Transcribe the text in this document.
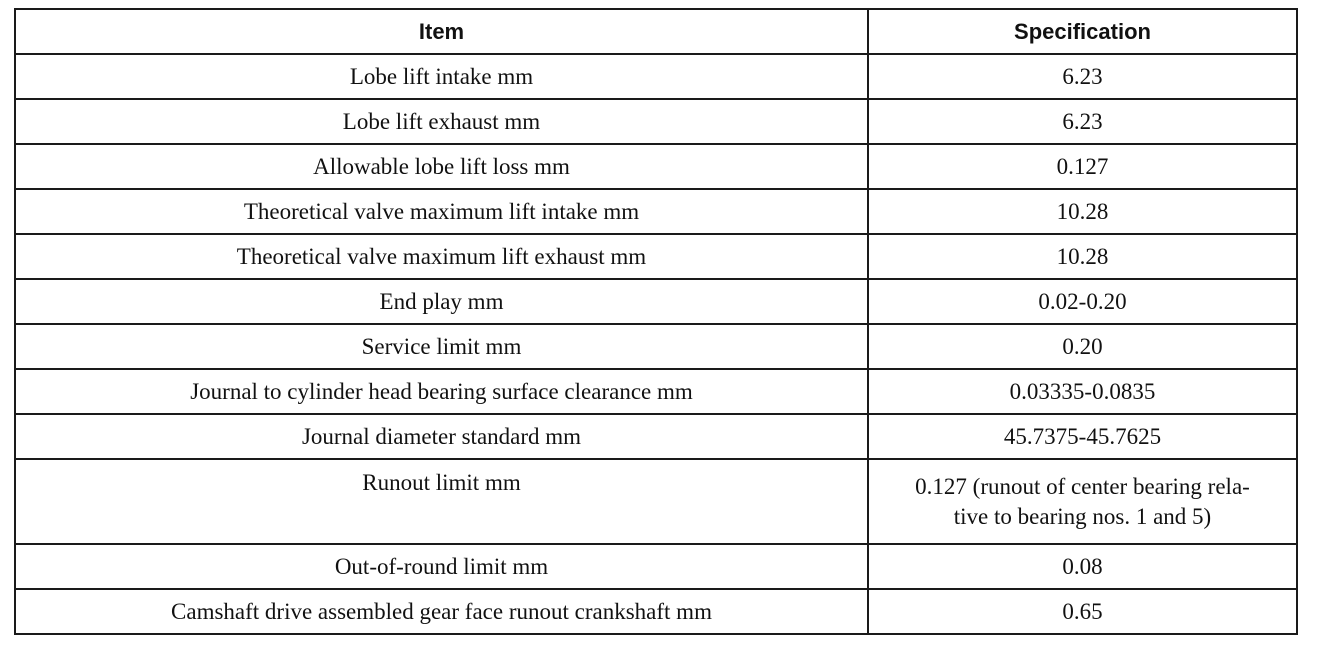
Item	Specification
Lobe lift intake mm	6.23
Lobe lift exhaust mm	6.23
Allowable lobe lift loss mm	0.127
Theoretical valve maximum lift intake mm	10.28
Theoretical valve maximum lift exhaust mm	10.28
End play mm	0.02-0.20
Service limit mm	0.20
Journal to cylinder head bearing surface clearance mm	0.03335-0.0835
Journal diameter standard mm	45.7375-45.7625
Runout limit mm	0.127 (runout of center bearing rela-
tive to bearing nos. 1 and 5)

Out-of-round limit mm	0.08
Camshaft drive assembled gear face runout crankshaft mm	0.65
